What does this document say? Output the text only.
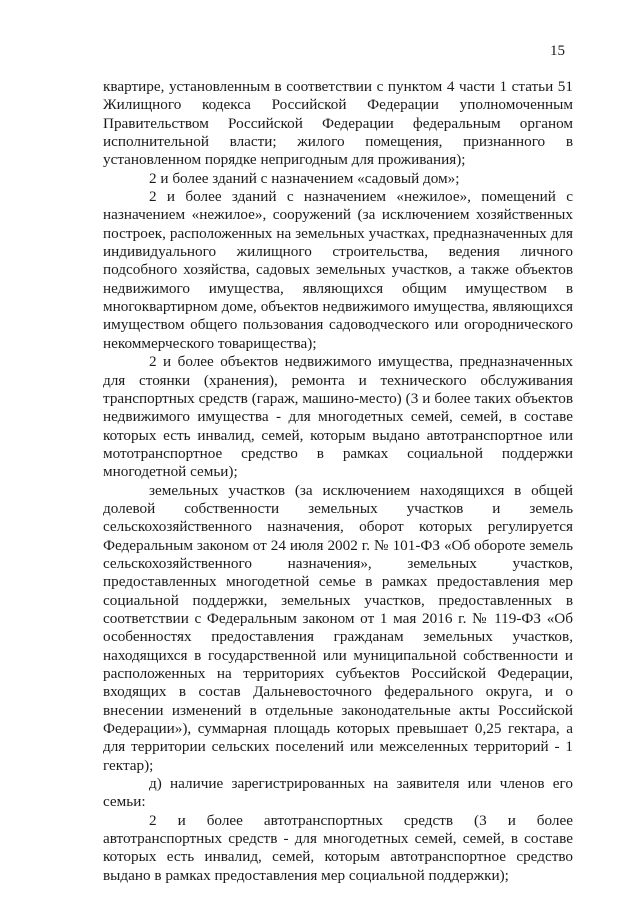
15

квартире, установленным в соответствии с пунктом 4 части 1 статьи 51 Жилищного кодекса Российской Федерации уполномоченным Правительством Российской Федерации федеральным органом исполнительной власти; жилого помещения, признанного в установленном порядке непригодным для проживания);

2 и более зданий с назначением «садовый дом»;

2 и более зданий с назначением «нежилое», помещений с назначением «нежилое», сооружений (за исключением хозяйственных построек, расположенных на земельных участках, предназначенных для индивидуального жилищного строительства, ведения личного подсобного хозяйства, садовых земельных участков, а также объектов недвижимого имущества, являющихся общим имуществом в многоквартирном доме, объектов недвижимого имущества, являющихся имуществом общего пользования садоводческого или огороднического некоммерческого товарищества);

2 и более объектов недвижимого имущества, предназначенных для стоянки (хранения), ремонта и технического обслуживания транспортных средств (гараж, машино-место) (3 и более таких объектов недвижимого имущества - для многодетных семей, семей, в составе которых есть инвалид, семей, которым выдано автотранспортное или мототранспортное средство в рамках социальной поддержки многодетной семьи);

земельных участков (за исключением находящихся в общей долевой собственности земельных участков и земель сельскохозяйственного назначения, оборот которых регулируется Федеральным законом от 24 июля 2002 г. № 101-ФЗ «Об обороте земель сельскохозяйственного назначения», земельных участков, предоставленных многодетной семье в рамках предоставления мер социальной поддержки, земельных участков, предоставленных в соответствии с Федеральным законом от 1 мая 2016 г. № 119-ФЗ «Об особенностях предоставления гражданам земельных участков, находящихся в государственной или муниципальной собственности и расположенных на территориях субъектов Российской Федерации, входящих в состав Дальневосточного федерального округа, и о внесении изменений в отдельные законодательные акты Российской Федерации»), суммарная площадь которых превышает 0,25 гектара, а для территории сельских поселений или межселенных территорий - 1 гектар);

д) наличие зарегистрированных на заявителя или членов его семьи:

2 и более автотранспортных средств (3 и более автотранспортных средств - для многодетных семей, семей, в составе которых есть инвалид, семей, которым автотранспортное средство выдано в рамках предоставления мер социальной поддержки);
